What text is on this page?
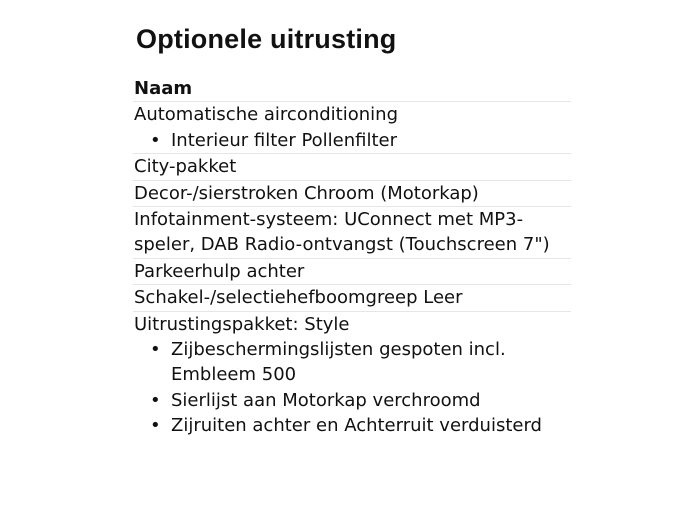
Optionele uitrusting
Naam
Automatische airconditioning
• Interieur filter Pollenfilter
City-pakket
Decor-/sierstroken Chroom (Motorkap)
Infotainment-systeem: UConnect met MP3-speler, DAB Radio-ontvangst (Touchscreen 7")
Parkeerhulp achter
Schakel-/selectiehefboomgreep Leer
Uitrustingspakket: Style
• Zijbeschermingslijsten gespoten incl. Embleem 500
• Sierlijst aan Motorkap verchroomd
• Zijruiten achter en Achterruit verduisterd
